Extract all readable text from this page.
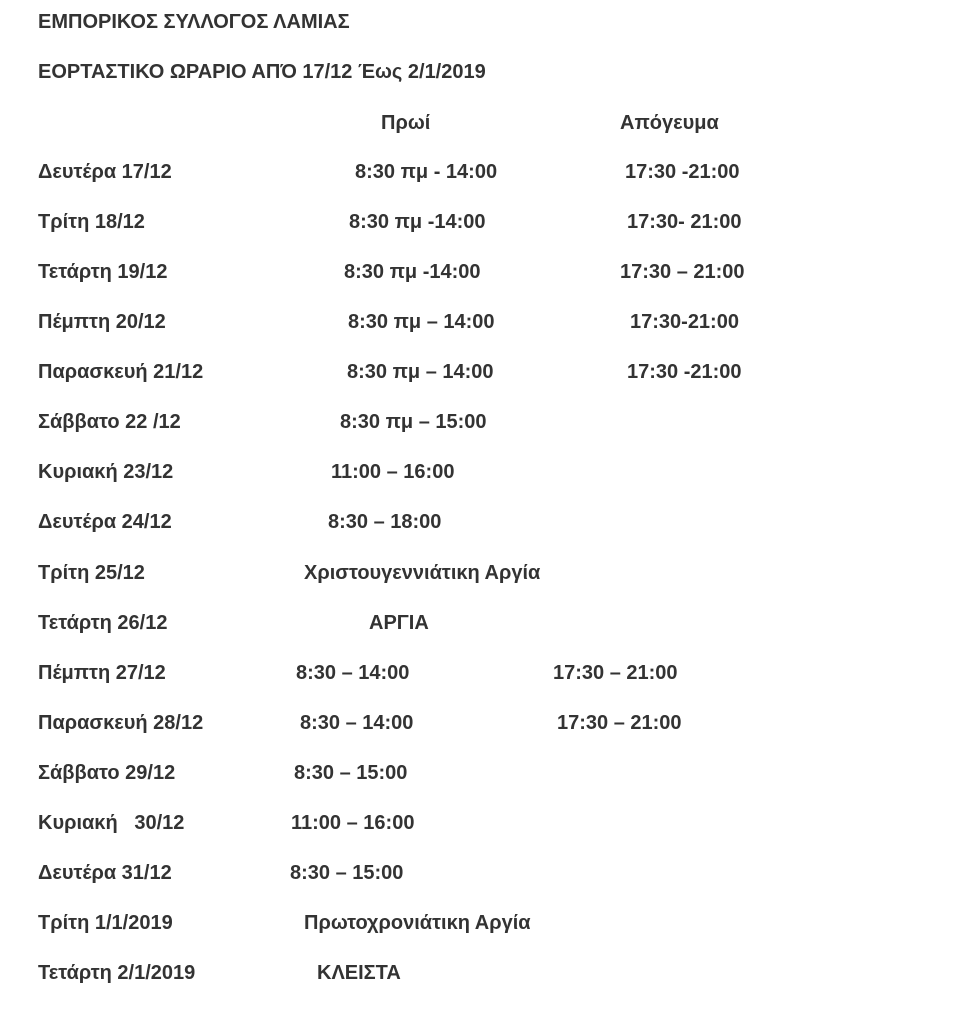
ΕΜΠΟΡΙΚΟΣ ΣΥΛΛΟΓΟΣ ΛΑΜΙΑΣ
ΕΟΡΤΑΣΤΙΚΟ ΩΡΑΡΙΟ ΑΠΌ 17/12 Έως 2/1/2019
Πρωί	Απόγευμα
Δευτέρα 17/12	8:30 πμ - 14:00	17:30 -21:00
Τρίτη 18/12	8:30 πμ -14:00	17:30- 21:00
Τετάρτη 19/12	8:30 πμ -14:00	17:30 – 21:00
Πέμπτη 20/12	8:30 πμ – 14:00	17:30-21:00
Παρασκευή 21/12	8:30 πμ – 14:00	17:30 -21:00
Σάββατο 22 /12	8:30 πμ – 15:00
Κυριακή 23/12	11:00 – 16:00
Δευτέρα 24/12	8:30 – 18:00
Τρίτη 25/12	Χριστουγεννιάτικη Αργία
Τετάρτη 26/12	ΑΡΓΙΑ
Πέμπτη 27/12	8:30 – 14:00	17:30 – 21:00
Παρασκευή 28/12	8:30 – 14:00	17:30 – 21:00
Σάββατο 29/12	8:30 – 15:00
Κυριακή   30/12	11:00 – 16:00
Δευτέρα 31/12	8:30 – 15:00
Τρίτη 1/1/2019	Πρωτοχρονιάτικη Αργία
Τετάρτη 2/1/2019	ΚΛΕΙΣΤΑ
